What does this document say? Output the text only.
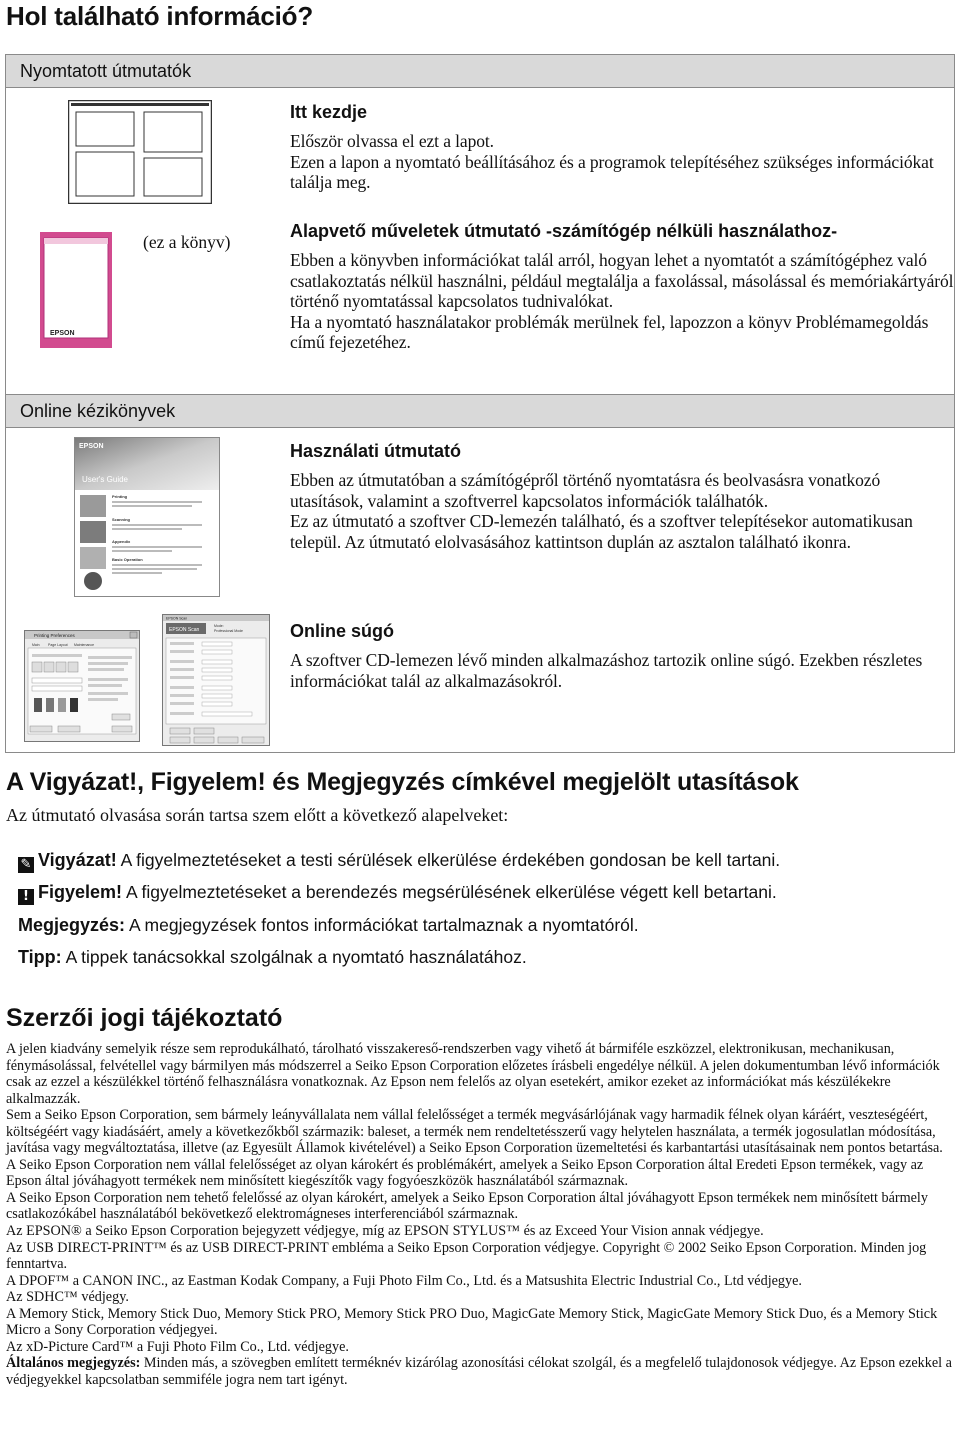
Hol található információ?
Nyomtatott útmutatók
EPSON
(ez a könyv)

Itt kezdje

Először olvassa el ezt a lapot.

Ezen a lapon a nyomtató beállításához és a programok telepítéséhez szükséges információkat találja meg.

Alapvető műveletek útmutató -számítógép nélküli használathoz-

Ebben a könyvben információkat talál arról, hogyan lehet a nyomtatót a számítógéphez való csatlakoztatás nélkül használni, például megtalálja a faxolással, másolással és memóriakártyáról történő nyomtatással kapcsolatos tudnivalókat.

Ha a nyomtató használatakor problémák merülnek fel, lapozzon a könyv Problémamegoldás című fejezetéhez.

Online kézikönyvek
EPSON
User's Guide
Printing
Scanning
Appendix
Basic Operation
Printing Preferences
Main Page Layout Maintenance
EPSON Scan
EPSON Scan
Mode:
Professional Mode

Használati útmutató

Ebben az útmutatóban a számítógépről történő nyomtatásra és beolvasásra vonatkozó utasítások, valamint a szoftverrel kapcsolatos információk találhatók.

Ez az útmutató a szoftver CD-lemezén található, és a szoftver telepítésekor automatikusan települ. Az útmutató elolvasásához kattintson duplán az asztalon található ikonra.

Online súgó

A szoftver CD-lemezen lévő minden alkalmazáshoz tartozik online súgó. Ezekben részletes információkat talál az alkalmazásokról.

A Vigyázat!, Figyelem! és Megjegyzés címkével megjelölt utasítások
Az útmutató olvasása során tartsa szem előtt a következő alapelveket:
✎ Vigyázat! A figyelmeztetéseket a testi sérülések elkerülése érdekében gondosan be kell tartani.
! Figyelem! A figyelmeztetéseket a berendezés megsérülésének elkerülése végett kell betartani.
Megjegyzés: A megjegyzések fontos információkat tartalmaznak a nyomtatóról.
Tipp: A tippek tanácsokkal szolgálnak a nyomtató használatához.
Szerzői jogi tájékoztató

A jelen kiadvány semelyik része sem reprodukálható, tárolható visszakereső-rendszerben vagy vihető át bármiféle eszközzel, elektronikusan, mechanikusan, fénymásolással, felvétellel vagy bármilyen más módszerrel a Seiko Epson Corporation előzetes írásbeli engedélye nélkül. A jelen dokumentumban lévő információk csak az ezzel a készülékkel történő felhasználásra vonatkoznak. Az Epson nem felelős az olyan esetekért, amikor ezeket az információkat más készülékekre alkalmazzák.

Sem a Seiko Epson Corporation, sem bármely leányvállalata nem vállal felelősséget a termék megvásárlójának vagy harmadik félnek olyan káráért, veszteségéért, költségéért vagy kiadásáért, amely a következőkből származik: baleset, a termék nem rendeltetésszerű vagy helytelen használata, a termék jogosulatlan módosítása, javítása vagy megváltoztatása, illetve (az Egyesült Államok kivételével) a Seiko Epson Corporation üzemeltetési és karbantartási utasításainak nem pontos betartása.

A Seiko Epson Corporation nem vállal felelősséget az olyan károkért és problémákért, amelyek a Seiko Epson Corporation által Eredeti Epson termékek, vagy az Epson által jóváhagyott termékek nem minősített kiegészítők vagy fogyóeszközök használatából származnak.

A Seiko Epson Corporation nem tehető felelőssé az olyan károkért, amelyek a Seiko Epson Corporation által jóváhagyott Epson termékek nem minősített bármely csatlakozókábel használatából bekövetkező elektromágneses interferenciából származnak.

Az EPSON® a Seiko Epson Corporation bejegyzett védjegye, míg az EPSON STYLUS™ és az Exceed Your Vision annak védjegye.

Az USB DIRECT-PRINT™ és az USB DIRECT-PRINT embléma a Seiko Epson Corporation védjegye. Copyright © 2002 Seiko Epson Corporation. Minden jog fenntartva.

A DPOF™ a CANON INC., az Eastman Kodak Company, a Fuji Photo Film Co., Ltd. és a Matsushita Electric Industrial Co., Ltd védjegye.

Az SDHC™ védjegy.

A Memory Stick, Memory Stick Duo, Memory Stick PRO, Memory Stick PRO Duo, MagicGate Memory Stick, MagicGate Memory Stick Duo, és a Memory Stick Micro a Sony Corporation védjegyei.

Az xD-Picture Card™ a Fuji Photo Film Co., Ltd. védjegye.

Általános megjegyzés: Minden más, a szövegben említett terméknév kizárólag azonosítási célokat szolgál, és a megfelelő tulajdonosok védjegye. Az Epson ezekkel a védjegyekkel kapcsolatban semmiféle jogra nem tart igényt.
